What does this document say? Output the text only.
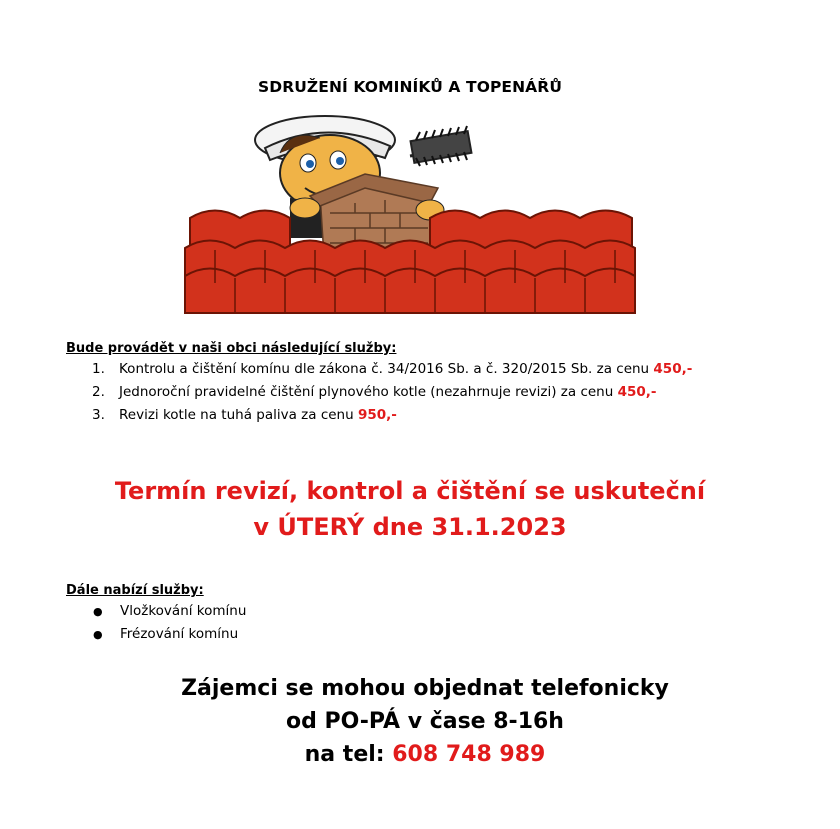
SDRUŽENÍ KOMINÍKŮ A TOPENÁŘŮ
Bude provádět v naši obci následující služby:
1. Kontrolu a čištění komínu dle zákona č. 34/2016 Sb. a č. 320/2015 Sb. za cenu 450,-
2. Jednoroční pravidelné čištění plynového kotle (nezahrnuje revizi) za cenu 450,-
3. Revizi kotle na tuhá paliva za cenu 950,-
Termín revizí, kontrol a čištění se uskuteční
v ÚTERÝ dne 31.1.2023
Dále nabízí služby:
● Vložkování komínu
● Frézování komínu
Zájemci se mohou objednat telefonicky
od PO-PÁ v čase 8-16h
na tel: 608 748 989
